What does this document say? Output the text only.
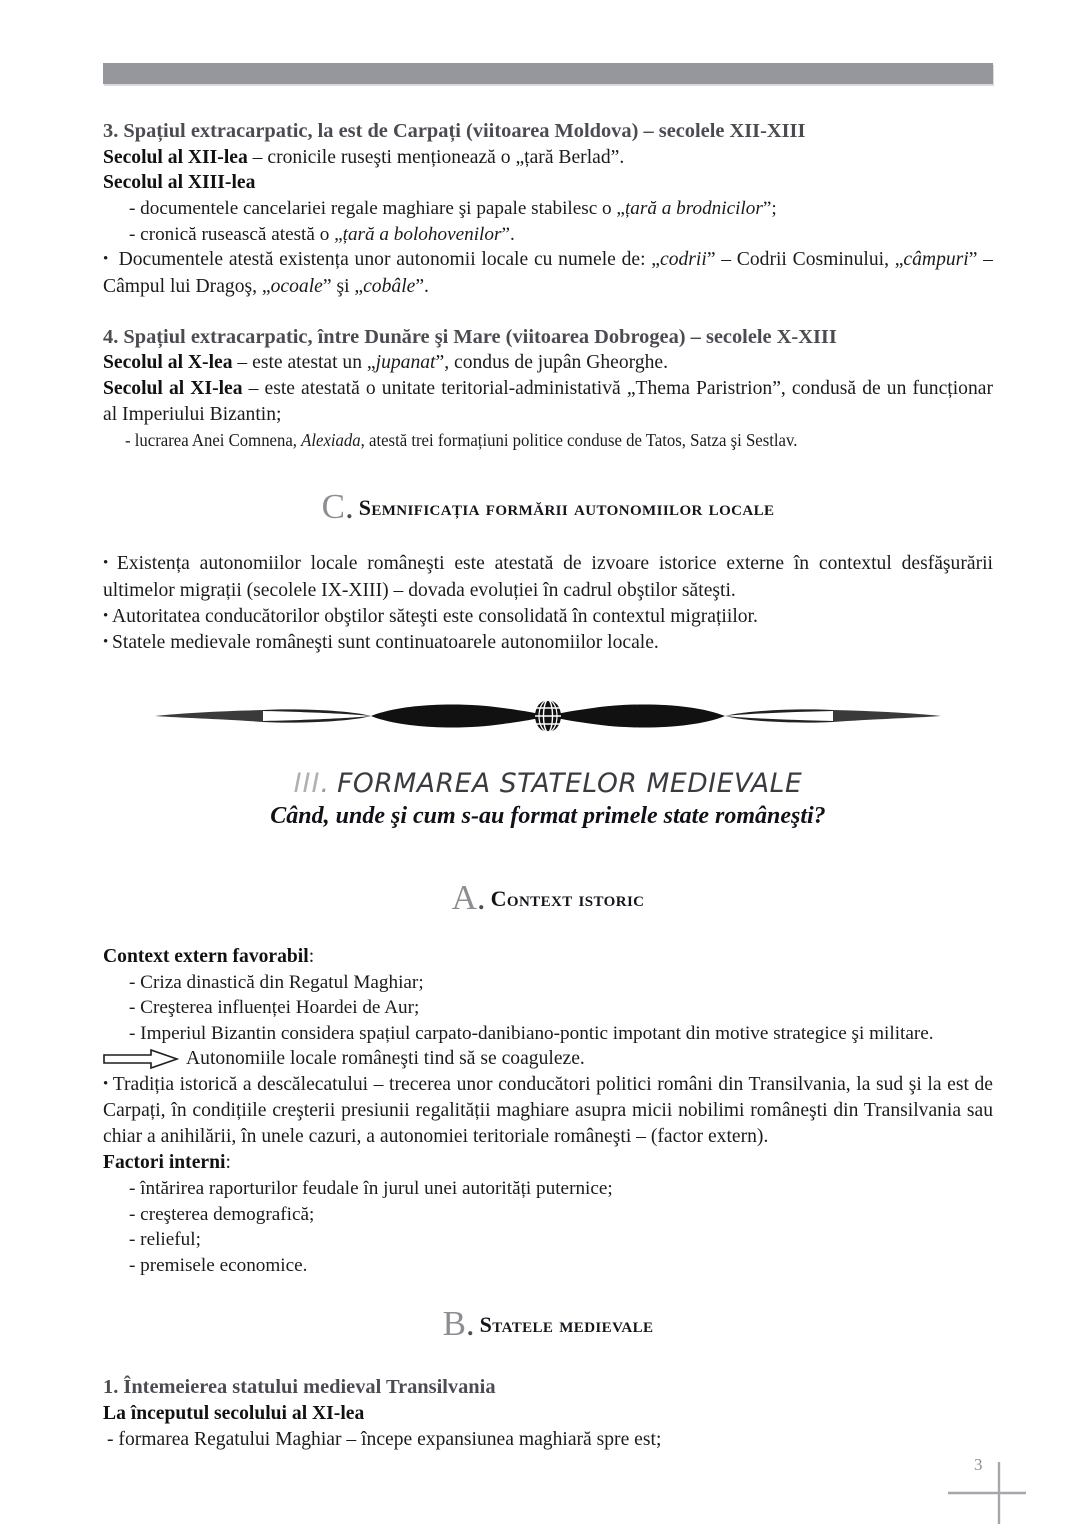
3. Spațiul extracarpatic, la est de Carpați (viitoarea Moldova) – secolele XII-XIII

Secolul al XII-lea – cronicile ruseşti menționează o „țară Berlad”.

Secolul al XIII-lea

- documentele cancelariei regale maghiare şi papale stabilesc o „țară a brodnicilor”;

- cronică rusească atestă o „țară a bolohovenilor”.

• Documentele atestă existența unor autonomii locale cu numele de: „codrii” – Codrii Cosminului, „câmpuri” – Câmpul lui Dragoş, „ocoale” şi „cobâle”.

4. Spațiul extracarpatic, între Dunăre şi Mare (viitoarea Dobrogea) – secolele X-XIII

Secolul al X-lea – este atestat un „jupanat”, condus de jupân Gheorghe.

Secolul al XI-lea – este atestată o unitate teritorial-administativă „Thema Paristrion”, condusă de un funcționar al Imperiului Bizantin;

- lucrarea Anei Comnena, Alexiada, atestă trei formațiuni politice conduse de Tatos, Satza şi Sestlav.

C. Semnificația formării autonomiilor locale

• Existența autonomiilor locale româneşti este atestată de izvoare istorice externe în contextul desfăşurării ultimelor migrații (secolele IX-XIII) – dovada evoluției în cadrul obştilor săteşti.

• Autoritatea conducătorilor obştilor săteşti este consolidată în contextul migrațiilor.

• Statele medievale româneşti sunt continuatoarele autonomiilor locale.

III. FORMAREA STATELOR MEDIEVALE

Când, unde şi cum s-au format primele state româneşti?

A. Context istoric

Context extern favorabil:

- Criza dinastică din Regatul Maghiar;

- Creşterea influenței Hoardei de Aur;

- Imperiul Bizantin considera spațiul carpato-danibiano-pontic impotant din motive strategice şi militare.

Autonomiile locale româneşti tind să se coaguleze.

• Tradiția istorică a descălecatului – trecerea unor conducători politici români din Transilvania, la sud şi la est de Carpați, în condițiile creşterii presiunii regalității maghiare asupra micii nobilimi româneşti din Transilvania sau chiar a anihilării, în unele cazuri, a autonomiei teritoriale româneşti – (factor extern).

Factori interni:

- întărirea raporturilor feudale în jurul unei autorități puternice;

- creşterea demografică;

- relieful;

- premisele economice.

B. Statele medievale

1. Întemeierea statului medieval Transilvania

La începutul secolului al XI-lea

- formarea Regatului Maghiar – începe expansiunea maghiară spre est;

3
